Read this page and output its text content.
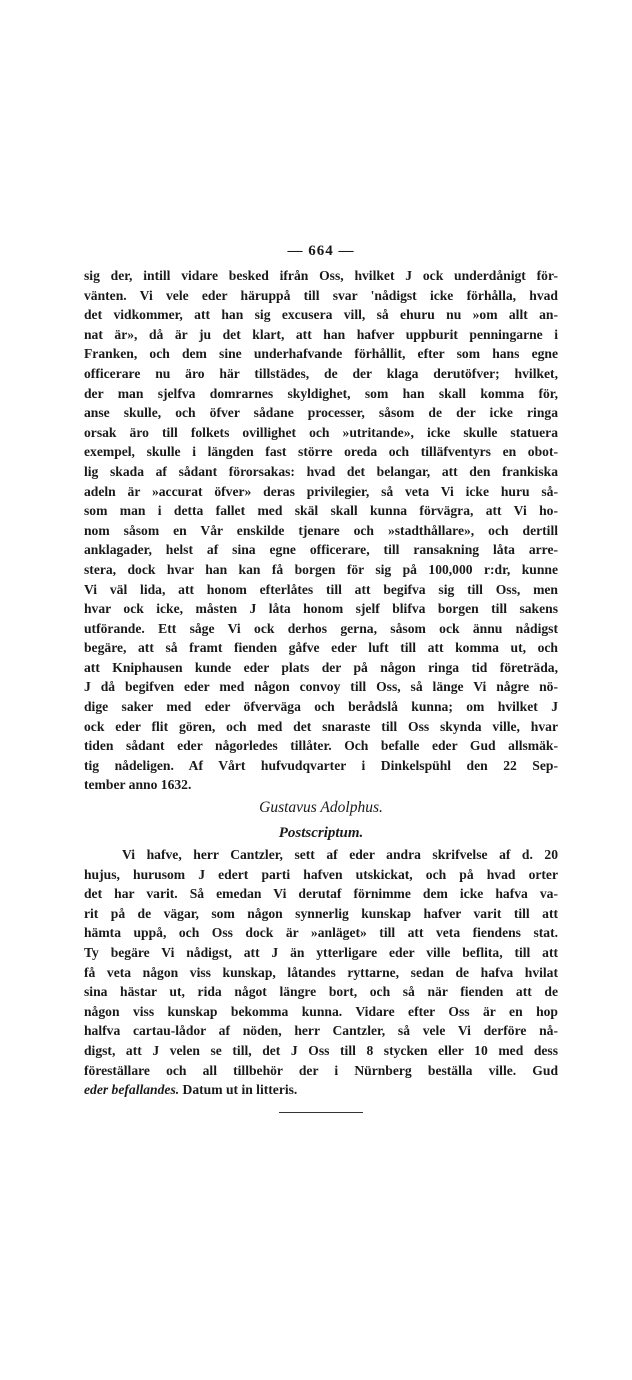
— 664 —
sig der, intill vidare besked ifrån Oss, hvilket J ock underdånigt för-
vänten. Vi vele eder häruppå till svar 'nådigst icke förhålla, hvad
det vidkommer, att han sig excusera vill, så ehuru nu »om allt an-
nat är», då är ju det klart, att han hafver uppburit penningarne i
Franken, och dem sine underhafvande förhållit, efter som hans egne
officerare nu äro här tillstädes, de der klaga derutöfver; hvilket,
der man sjelfva domrarnes skyldighet, som han skall komma för,
anse skulle, och öfver sådane processer, såsom de der icke ringa
orsak äro till folkets ovillighet och »utritande», icke skulle statuera
exempel, skulle i längden fast större oreda och tilläfventyrs en obot-
lig skada af sådant förorsakas: hvad det belangar, att den frankiska
adeln är »accurat öfver» deras privilegier, så veta Vi icke huru så-
som man i detta fallet med skäl skall kunna förvägra, att Vi ho-
nom såsom en Vår enskilde tjenare och »stadthållare», och dertill
anklagader, helst af sina egne officerare, till ransakning låta arre-
stera, dock hvar han kan få borgen för sig på 100,000 r:dr, kunne
Vi väl lida, att honom efterlåtes till att begifva sig till Oss, men
hvar ock icke, måsten J låta honom sjelf blifva borgen till sakens
utförande. Ett såge Vi ock derhos gerna, såsom ock ännu nådigst
begäre, att så framt fienden gåfve eder luft till att komma ut, och
att Kniphausen kunde eder plats der på någon ringa tid företräda,
J då begifven eder med någon convoy till Oss, så länge Vi någre nö-
dige saker med eder öfverväga och berådslå kunna; om hvilket J
ock eder flit gören, och med det snaraste till Oss skynda ville, hvar
tiden sådant eder någorledes tillåter. Och befalle eder Gud allsmäk-
tig nådeligen. Af Vårt hufvudqvarter i Dinkelspühl den 22 Sep-
tember anno 1632.
Gustavus Adolphus.
Postscriptum.
Vi hafve, herr Cantzler, sett af eder andra skrifvelse af d. 20
hujus, hurusom J edert parti hafven utskickat, och på hvad orter
det har varit. Så emedan Vi derutaf förnimme dem icke hafva va-
rit på de vägar, som någon synnerlig kunskap hafver varit till att
hämta uppå, och Oss dock är »anläget» till att veta fiendens stat.
Ty begäre Vi nådigst, att J än ytterligare eder ville beflita, till att
få veta någon viss kunskap, låtandes ryttarne, sedan de hafva hvilat
sina hästar ut, rida något längre bort, och så när fienden att de
någon viss kunskap bekomma kunna. Vidare efter Oss är en hop
halfva cartau-lådor af nöden, herr Cantzler, så vele Vi derföre nå-
digst, att J velen se till, det J Oss till 8 stycken eller 10 med dess
föreställare och all tillbehör der i Nürnberg beställa ville. Gud
eder befallandes. Datum ut in litteris.
